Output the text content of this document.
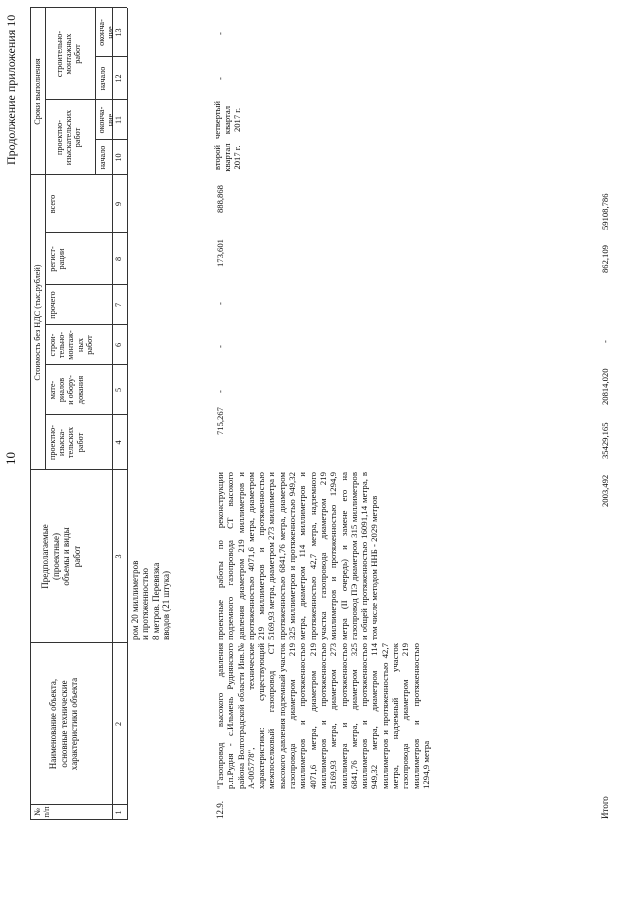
10
Продолжение приложения 10
№
п/п
Наименование объекта,
основные технические
характеристики объекта
Предполагаемые
(проектные)
объемы и виды
работ
Стоимость без НДС (тыс.рублей)
проектно-
изыска-
тельских
работ
мате-
риалов
и обору-
дования
строи-
тельно-
монтаж-
ных
работ
прочего
регист-
рации
всего
Сроки выполнения
проектно-
изыскательских
работ
строительно-
монтажных
работ
начало
оконча-
ние
начало
оконча-
ние
1
2
3
4
5
6
7
8
9
10
11
12
13
ром 20 миллиметров
и протяженностью
8 метров. Перевязка
вводов (21 штука)
12.9.
"Газопровод высокого давления р.п.Рудня - с.Ильмень Руднянского района Волгоградской области Инв.№ А-005778", технические характеристики: существующий межпоселковый газопровод СТ высокого давления подземный участок газопровода диаметром 219 миллиметров и протяженностью 4071,6 метра, диаметром 219 миллиметров и протяженностью 5169,93 метра, диаметром 273 миллиметра и протяженностью 6841,76 метра, диаметром 325 миллиметров и протяженностью 949,32 метра, диаметром 114 миллиметров и протяженностью 42,7 метра, надземный участок газопровода диаметром 219 миллиметров и протяженностью 1294,9 метра
проектные работы по реконструкции подземного газопровода СТ высокого давления диаметром 219 миллиметров и протяженностью 4071,6 метра, диаметром 219 миллиметров и протяженностью 5169,93 метра, диаметром 273 миллиметра и протяженностью 6841,76 метра, диаметром 325 миллиметров и протяженностью 949,32 метра, диаметром 114 миллиметров и протяженностью 42,7 метра, надземного участка газопровода диаметром 219 миллиметров и протяженностью 1294,9 метра (II очередь) и замене его на газопровод ПЭ диаметром 315 миллиметров и общей протяженностью 16091,14 метра, в том числе методом ННБ - 2029 метров
715,267
-
-
-
173,601
888,868
второй квартал 2017 г.
четвертый квартал 2017 г.
-
-
Итого
2003,492
35429,165
20814,020
-
862,109
59108,786
